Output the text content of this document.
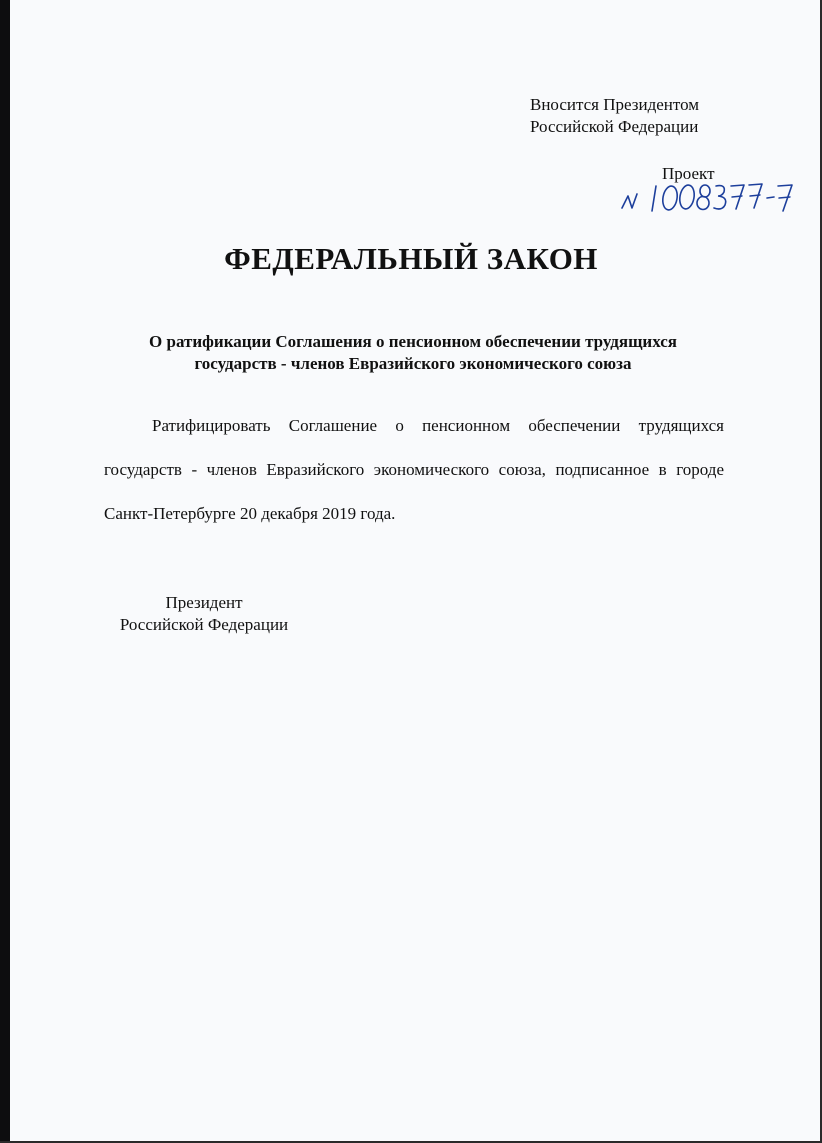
Вносится Президентом
Российской Федерации
Проект
ФЕДЕРАЛЬНЫЙ ЗАКОН
О ратификации Соглашения о пенсионном обеспечении трудящихся
государств - членов Евразийского экономического союза

Ратифицировать Соглашение о пенсионном обеспечении трудящихся государств - членов Евразийского экономического союза, подписанное в городе Санкт-Петербурге 20 декабря 2019 года.

Президент
Российской Федерации
